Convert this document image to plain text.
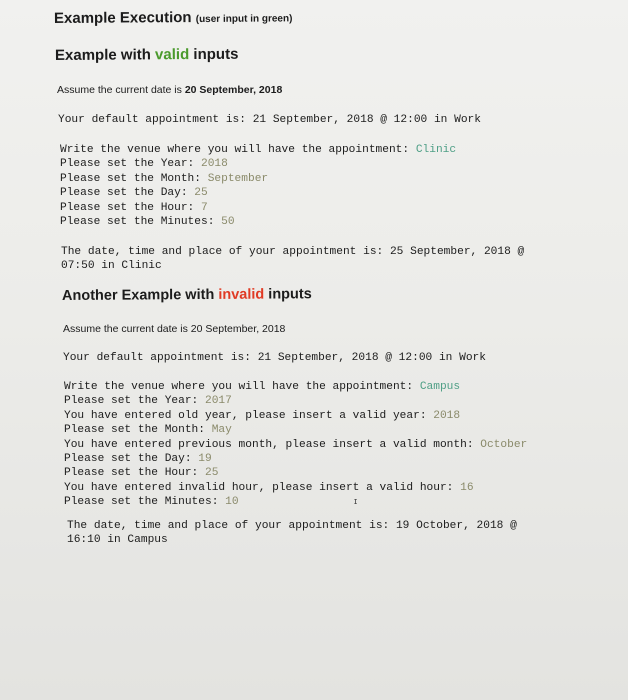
Example Execution (user input in green)

Example with valid inputs

Assume the current date is 20 September, 2018

Your default appointment is: 21 September, 2018 @ 12:00 in Work

Write the venue where you will have the appointment: Clinic
Please set the Year: 2018
Please set the Month: September
Please set the Day: 25
Please set the Hour: 7
Please set the Minutes: 50
The date, time and place of your appointment is: 25 September, 2018 @
07:50 in Clinic

Another Example with invalid inputs

Assume the current date is 20 September, 2018

Your default appointment is: 21 September, 2018 @ 12:00 in Work

Write the venue where you will have the appointment: Campus
Please set the Year: 2017
You have entered old year, please insert a valid year: 2018
Please set the Month: May
You have entered previous month, please insert a valid month: October
Please set the Day: 19
Please set the Hour: 25
You have entered invalid hour, please insert a valid hour: 16
Please set the Minutes: 10	ɪ
The date, time and place of your appointment is: 19 October, 2018 @
16:10 in Campus
